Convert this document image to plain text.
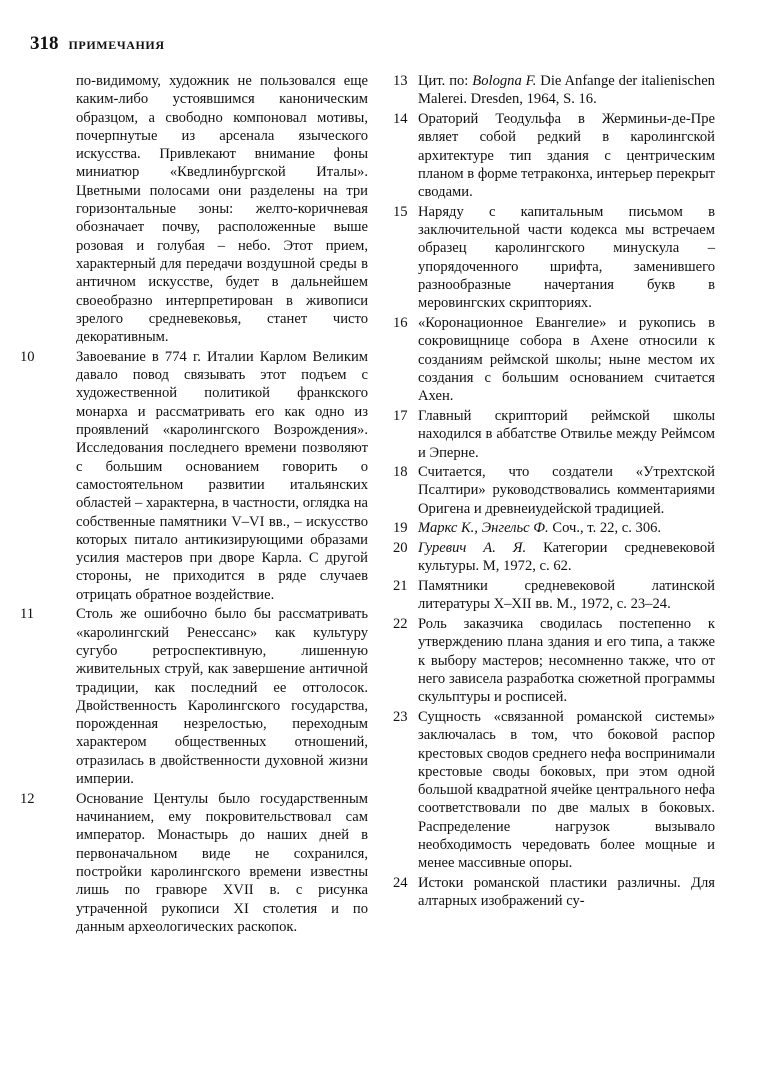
318 ПРИМЕЧАНИЯ
по-видимому, художник не пользовался еще каким-либо устоявшимся каноническим образцом, а свободно компоновал мотивы, почерпнутые из арсенала языческого искусства. Привлекают внимание фоны миниатюр «Кведлинбургской Италы». Цветными полосами они разделены на три горизонтальные зоны: желто-коричневая обозначает почву, расположенные выше розовая и голубая – небо. Этот прием, характерный для передачи воздушной среды в античном искусстве, будет в дальнейшем своеобразно интерпретирован в живописи зрелого средневековья, станет чисто декоративным.
10	Завоевание в 774 г. Италии Карлом Великим давало повод связывать этот подъем с художественной политикой франкского монарха и рассматривать его как одно из проявлений «каролингского Возрождения». Исследования последнего времени позволяют с большим основанием говорить о самостоятельном развитии итальянских областей – характерна, в частности, оглядка на собственные памятники V–VI вв., – искусство которых питало антикизирующими образами усилия мастеров при дворе Карла. С другой стороны, не приходится в ряде случаев отрицать обратное воздействие.
11	Столь же ошибочно было бы рассматривать «каролингский Ренессанс» как культуру сугубо ретроспективную, лишенную живительных струй, как завершение античной традиции, как последний ее отголосок. Двойственность Каролингского государства, порожденная незрелостью, переходным характером общественных отношений, отразилась в двойственности духовной жизни империи.
12	Основание Центулы было государственным начинанием, ему покровительствовал сам император. Монастырь до наших дней в первоначальном виде не сохранился, постройки каролингского времени известны лишь по гравюре XVII в. с рисунка утраченной рукописи XI столетия и по данным археологических раскопок.
13 Цит. по: Bologna F. Die Anfange der italienischen Malerei. Dresden, 1964, S. 16.
14 Oраторий Теодульфа в Жерминьи-де-Пре являет собой редкий в каролингской архитектуре тип здания с центрическим планом в форме тетраконха, интерьер перекрыт сводами.
15 Наряду с капитальным письмом в заключительной части кодекса мы встречаем образец каролингского минускула – упорядоченного шрифта, заменившего разнообразные начертания букв в меровингских скрипториях.
16 «Коронационное Евангелие» и рукопись в сокровищнице собора в Ахене относили к созданиям реймской школы; ныне местом их создания с большим основанием считается Ахен.
17 Главный скрипторий реймской школы находился в аббатстве Отвильe между Реймсом и Эперне.
18 Считается, что создатели «Утрехтской Псалтири» руководствовались комментариями Оригена и древнеиудейской традицией.
19 Маркс К., Энгельс Ф. Соч., т. 22, с. 306.
20 Гуревич А. Я. Категории средневековой культуры. М, 1972, с. 62.
21 Памятники средневековой латинской литературы X–XII вв. М., 1972, с. 23–24.
22 Роль заказчика сводилась постепенно к утверждению плана здания и его типа, а также к выбору мастеров; несомненно также, что от него зависела разработка сюжетной программы скульптуры и росписей.
23 Сущность «связанной романской системы» заключалась в том, что боковой распор крестовых сводов среднего нефа воспринимали крестовые своды боковых, при этом одной большой квадратной ячейке центрального нефа соответствовали по две малых в боковых. Распределение нагрузок вызывало необходимость чередовать более мощные и менее массивные опоры.
24 Истоки романской пластики различны. Для алтарных изображений су-
